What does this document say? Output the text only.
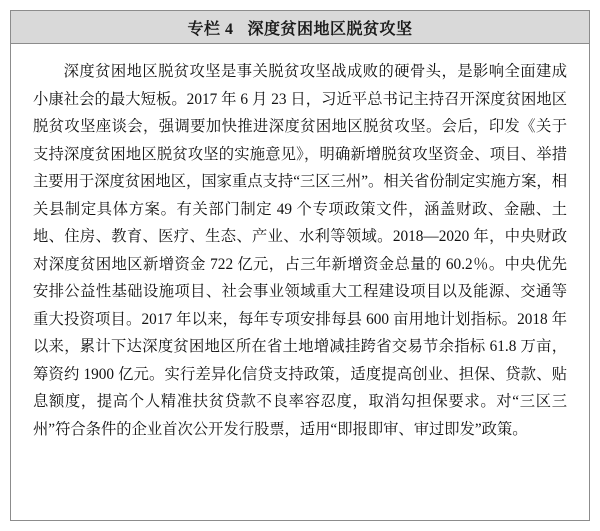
专栏 4 深度贫困地区脱贫攻坚

深度贫困地区脱贫攻坚是事关脱贫攻坚战成败的硬骨头，是影响全面建成小康社会的最大短板。2017 年 6 月 23 日，习近平总书记主持召开深度贫困地区脱贫攻坚座谈会，强调要加快推进深度贫困地区脱贫攻坚。会后，印发《关于支持深度贫困地区脱贫攻坚的实施意见》，明确新增脱贫攻坚资金、项目、举措主要用于深度贫困地区，国家重点支持“三区三州”。相关省份制定实施方案，相关县制定具体方案。有关部门制定 49 个专项政策文件，涵盖财政、金融、土地、住房、教育、医疗、生态、产业、水利等领域。2018—2020 年，中央财政对深度贫困地区新增资金 722 亿元，占三年新增资金总量的 60.2％。中央优先安排公益性基础设施项目、社会事业领域重大工程建设项目以及能源、交通等重大投资项目。2017 年以来，每年专项安排每县 600 亩用地计划指标。2018 年以来，累计下达深度贫困地区所在省土地增减挂跨省交易节余指标 61.8 万亩，筹资约 1900 亿元。实行差异化信贷支持政策，适度提高创业、担保、贷款、贴息额度，提高个人精准扶贫贷款不良率容忍度，取消勾担保要求。对“三区三州”符合条件的企业首次公开发行股票，适用“即报即审、审过即发”政策。
